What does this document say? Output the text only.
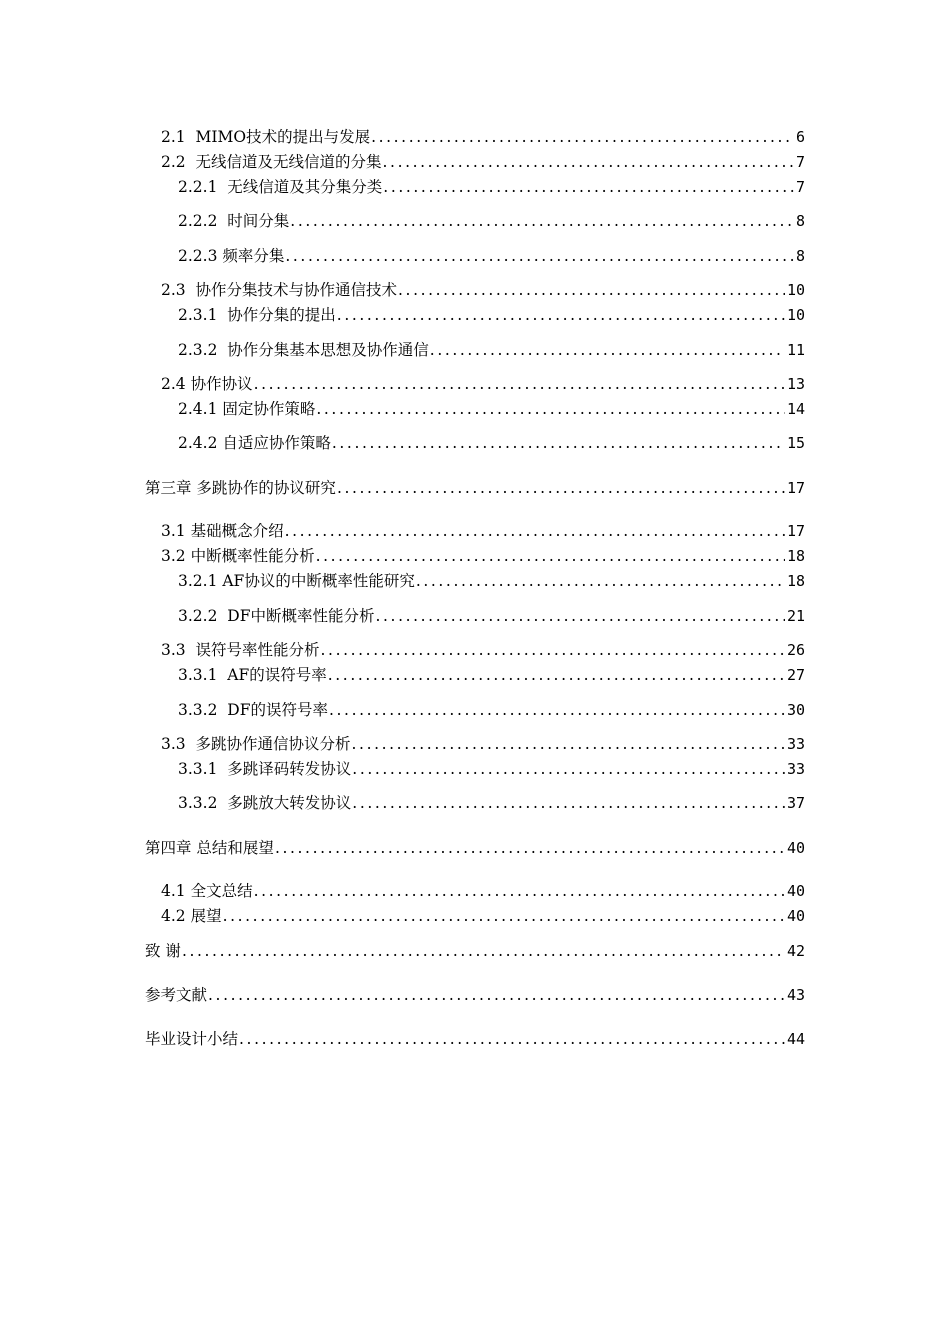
2.1  MIMO技术的提出与发展 .....	6
2.2  无线信道及无线信道的分集 .....	7
2.2.1  无线信道及其分集分类 .....	7
2.2.2  时间分集 .....	8
2.2.3 频率分集 .....	8
2.3  协作分集技术与协作通信技术 .....	10
2.3.1  协作分集的提出 .....	10
2.3.2  协作分集基本思想及协作通信 .....	11
2.4 协作协议 .....	13
2.4.1 固定协作策略 .....	14
2.4.2 自适应协作策略 .....	15
第三章 多跳协作的协议研究 .....	17
3.1 基础概念介绍 .....	17
3.2 中断概率性能分析 .....	18
3.2.1 AF协议的中断概率性能研究 .....	18
3.2.2  DF中断概率性能分析 .....	21
3.3  误符号率性能分析 .....	26
3.3.1  AF的误符号率 .....	27
3.3.2  DF的误符号率 .....	30
3.3  多跳协作通信协议分析 .....	33
3.3.1  多跳译码转发协议 .....	33
3.3.2  多跳放大转发协议 .....	37
第四章 总结和展望 .....	40
4.1 全文总结 .....	40
4.2 展望 .....	40
致 谢 .....	42
参考文献 .....	43
毕业设计小结 .....	44
